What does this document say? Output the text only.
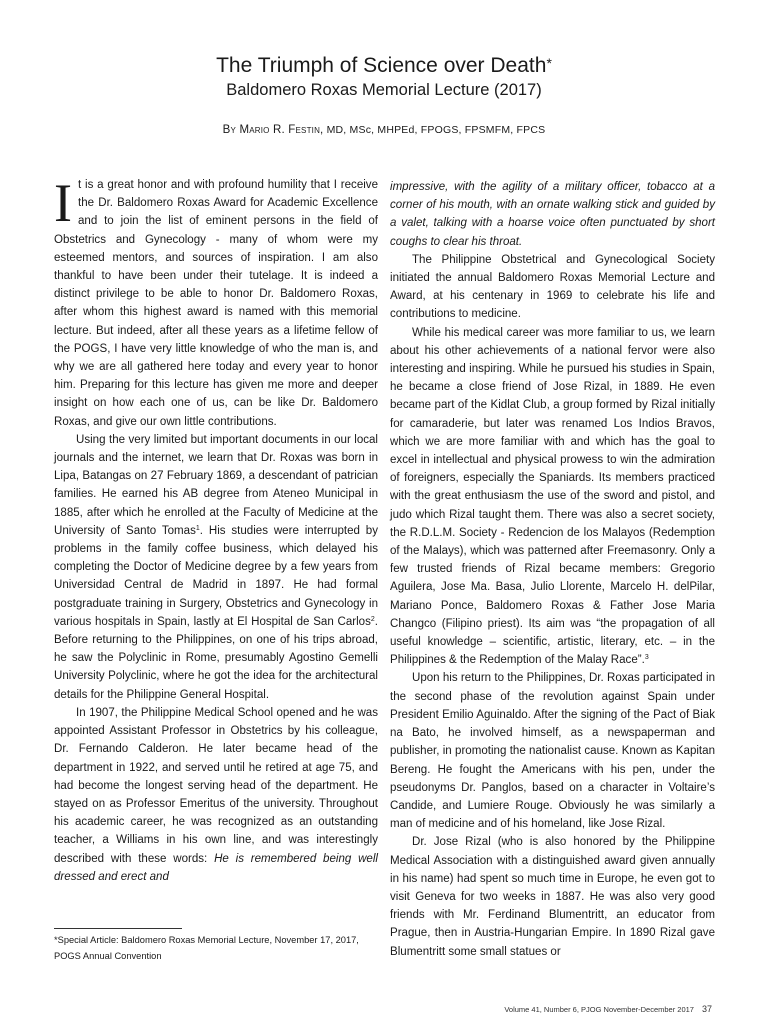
The Triumph of Science over Death*
Baldomero Roxas Memorial Lecture (2017)
By Mario R. Festin, MD, MSc, MHPEd, FPOGS, FPSMFM, FPCS

It is a great honor and with profound humility that I receive the Dr. Baldomero Roxas Award for Academic Excellence and to join the list of eminent persons in the field of Obstetrics and Gynecology - many of whom were my esteemed mentors, and sources of inspiration. I am also thankful to have been under their tutelage. It is indeed a distinct privilege to be able to honor Dr. Baldomero Roxas, after whom this highest award is named with this memorial lecture. But indeed, after all these years as a lifetime fellow of the POGS, I have very little knowledge of who the man is, and why we are all gathered here today and every year to honor him. Preparing for this lecture has given me more and deeper insight on how each one of us, can be like Dr. Baldomero Roxas, and give our own little contributions.

Using the very limited but important documents in our local journals and the internet, we learn that Dr. Roxas was born in Lipa, Batangas on 27 February 1869, a descendant of patrician families. He earned his AB degree from Ateneo Municipal in 1885, after which he enrolled at the Faculty of Medicine at the University of Santo Tomas$^1$. His studies were interrupted by problems in the family coffee business, which delayed his completing the Doctor of Medicine degree by a few years from Universidad Central de Madrid in 1897. He had formal postgraduate training in Surgery, Obstetrics and Gynecology in various hospitals in Spain, lastly at El Hospital de San Carlos$^2$. Before returning to the Philippines, on one of his trips abroad, he saw the Polyclinic in Rome, presumably Agostino Gemelli University Polyclinic, where he got the idea for the architectural details for the Philippine General Hospital.

In 1907, the Philippine Medical School opened and he was appointed Assistant Professor in Obstetrics by his colleague, Dr. Fernando Calderon. He later became head of the department in 1922, and served until he retired at age 75, and had become the longest serving head of the department. He stayed on as Professor Emeritus of the university. Throughout his academic career, he was recognized as an outstanding teacher, a Williams in his own line, and was interestingly described with these words: He is remembered being well dressed and erect and

impressive, with the agility of a military officer, tobacco at a corner of his mouth, with an ornate walking stick and guided by a valet, talking with a hoarse voice often punctuated by short coughs to clear his throat.

The Philippine Obstetrical and Gynecological Society initiated the annual Baldomero Roxas Memorial Lecture and Award, at his centenary in 1969 to celebrate his life and contributions to medicine.

While his medical career was more familiar to us, we learn about his other achievements of a national fervor were also interesting and inspiring. While he pursued his studies in Spain, he became a close friend of Jose Rizal, in 1889. He even became part of the Kidlat Club, a group formed by Rizal initially for camaraderie, but later was renamed Los Indios Bravos, which we are more familiar with and which has the goal to excel in intellectual and physical prowess to win the admiration of foreigners, especially the Spaniards. Its members practiced with the great enthusiasm the use of the sword and pistol, and judo which Rizal taught them. There was also a secret society, the R.D.L.M. Society - Redencion de los Malayos (Redemption of the Malays), which was patterned after Freemasonry. Only a few trusted friends of Rizal became members: Gregorio Aguilera, Jose Ma. Basa, Julio Llorente, Marcelo H. delPilar, Mariano Ponce, Baldomero Roxas & Father Jose Maria Changco (Filipino priest). Its aim was “the propagation of all useful knowledge – scientific, artistic, literary, etc. – in the Philippines & the Redemption of the Malay Race”.$^3$

Upon his return to the Philippines, Dr. Roxas participated in the second phase of the revolution against Spain under President Emilio Aguinaldo. After the signing of the Pact of Biak na Bato, he involved himself, as a newspaperman and publisher, in promoting the nationalist cause. Known as Kapitan Bereng. He fought the Americans with his pen, under the pseudonyms Dr. Panglos, based on a character in Voltaire’s Candide, and Lumiere Rouge. Obviously he was similarly a man of medicine and of his homeland, like Jose Rizal.

Dr. Jose Rizal (who is also honored by the Philippine Medical Association with a distinguished award given annually in his name) had spent so much time in Europe, he even got to visit Geneva for two weeks in 1887. He was also very good friends with Mr. Ferdinand Blumentritt, an educator from Prague, then in Austria-Hungarian Empire. In 1890 Rizal gave Blumentritt some small statues or

*Special Article: Baldomero Roxas Memorial Lecture, November 17, 2017, POGS Annual Convention
Volume 41, Number 6, PJOG November-December 2017 37
